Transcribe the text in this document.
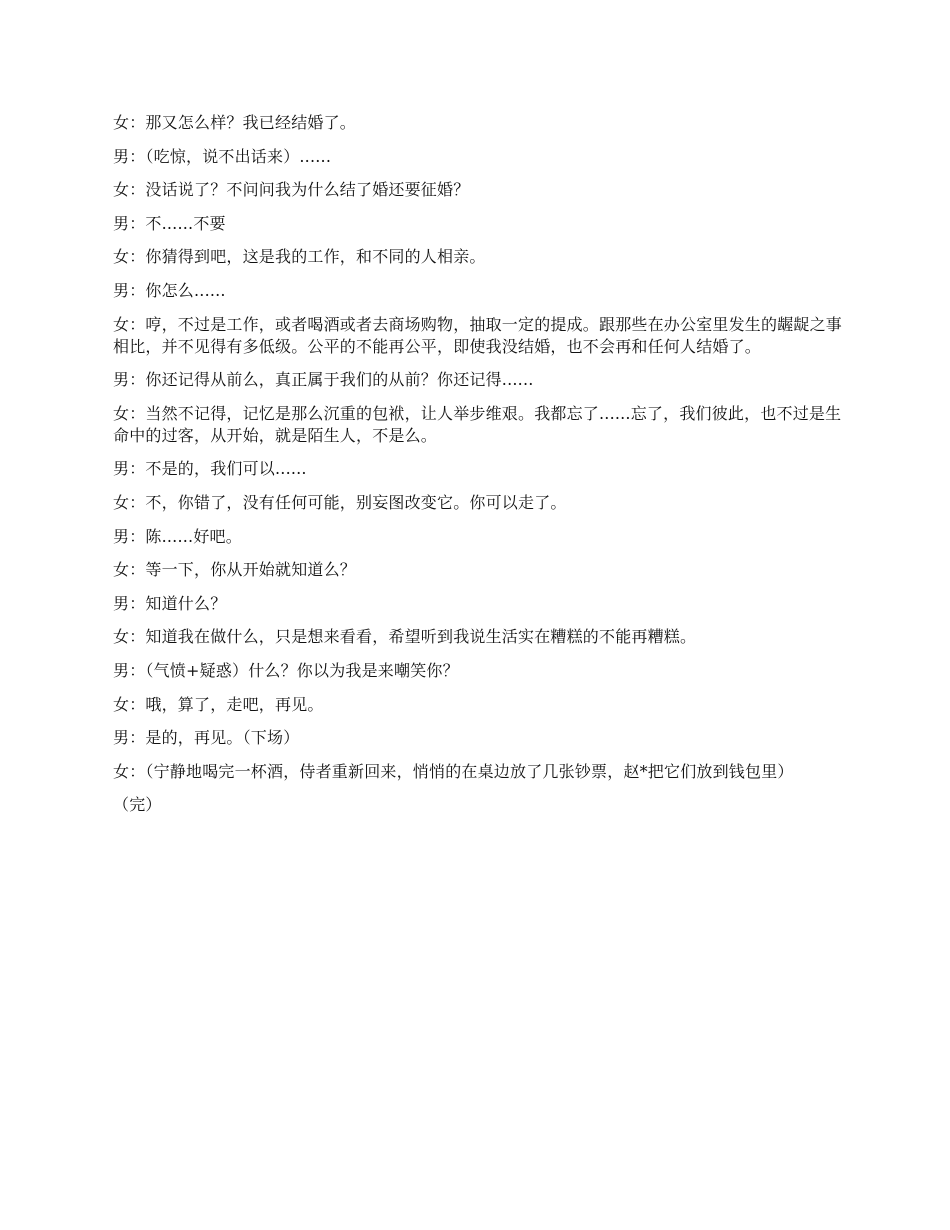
女：那又怎么样？我已经结婚了。

男：（吃惊，说不出话来）......

女：没话说了？不问问我为什么结了婚还要征婚？

男：不......不要

女：你猜得到吧，这是我的工作，和不同的人相亲。

男：你怎么......

女：哼，不过是工作，或者喝酒或者去商场购物，抽取一定的提成。跟那些在办公室里发生的龌龊之事相比，并不见得有多低级。公平的不能再公平，即使我没结婚，也不会再和任何人结婚了。

男：你还记得从前么，真正属于我们的从前？你还记得......

女：当然不记得，记忆是那么沉重的包袱，让人举步维艰。我都忘了......忘了，我们彼此，也不过是生命中的过客，从开始，就是陌生人，不是么。

男：不是的，我们可以......

女：不，你错了，没有任何可能，别妄图改变它。你可以走了。

男：陈......好吧。

女：等一下，你从开始就知道么？

男：知道什么？

女：知道我在做什么，只是想来看看，希望听到我说生活实在糟糕的不能再糟糕。

男：（气愤+疑惑）什么？你以为我是来嘲笑你？

女：哦，算了，走吧，再见。

男：是的，再见。（下场）

女：（宁静地喝完一杯酒，侍者重新回来，悄悄的在桌边放了几张钞票，赵*把它们放到钱包里）

（完）
